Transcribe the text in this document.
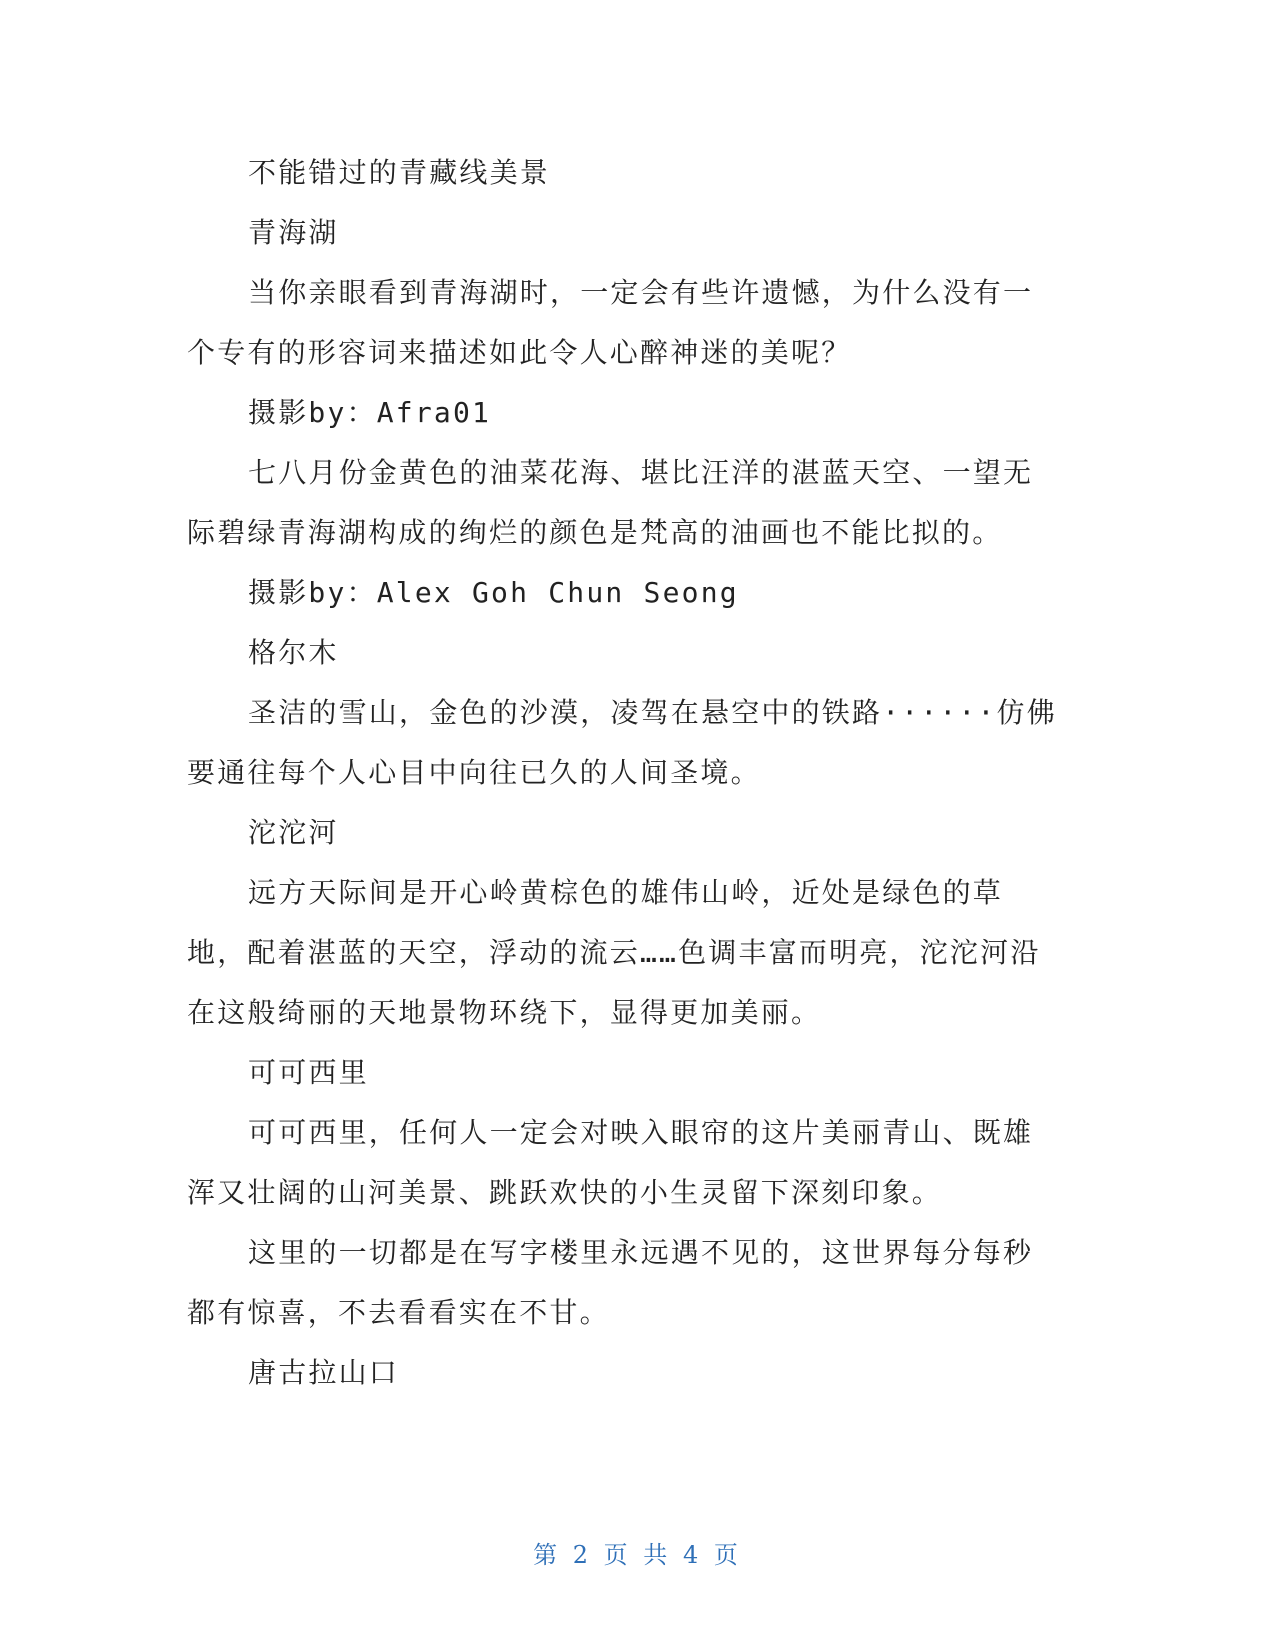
不能错过的青藏线美景

青海湖

当你亲眼看到青海湖时，一定会有些许遗憾，为什么没有一个专有的形容词来描述如此令人心醉神迷的美呢？

摄影by：Afra01

七八月份金黄色的油菜花海、堪比汪洋的湛蓝天空、一望无际碧绿青海湖构成的绚烂的颜色是梵高的油画也不能比拟的。

摄影by：Alex Goh Chun Seong

格尔木

圣洁的雪山，金色的沙漠，凌驾在悬空中的铁路······仿佛要通往每个人心目中向往已久的人间圣境。

沱沱河

远方天际间是开心岭黄棕色的雄伟山岭，近处是绿色的草地，配着湛蓝的天空，浮动的流云……色调丰富而明亮，沱沱河沿在这般绮丽的天地景物环绕下，显得更加美丽。

可可西里

可可西里，任何人一定会对映入眼帘的这片美丽青山、既雄浑又壮阔的山河美景、跳跃欢快的小生灵留下深刻印象。

这里的一切都是在写字楼里永远遇不见的，这世界每分每秒都有惊喜，不去看看实在不甘。

唐古拉山口

第 2 页 共 4 页
